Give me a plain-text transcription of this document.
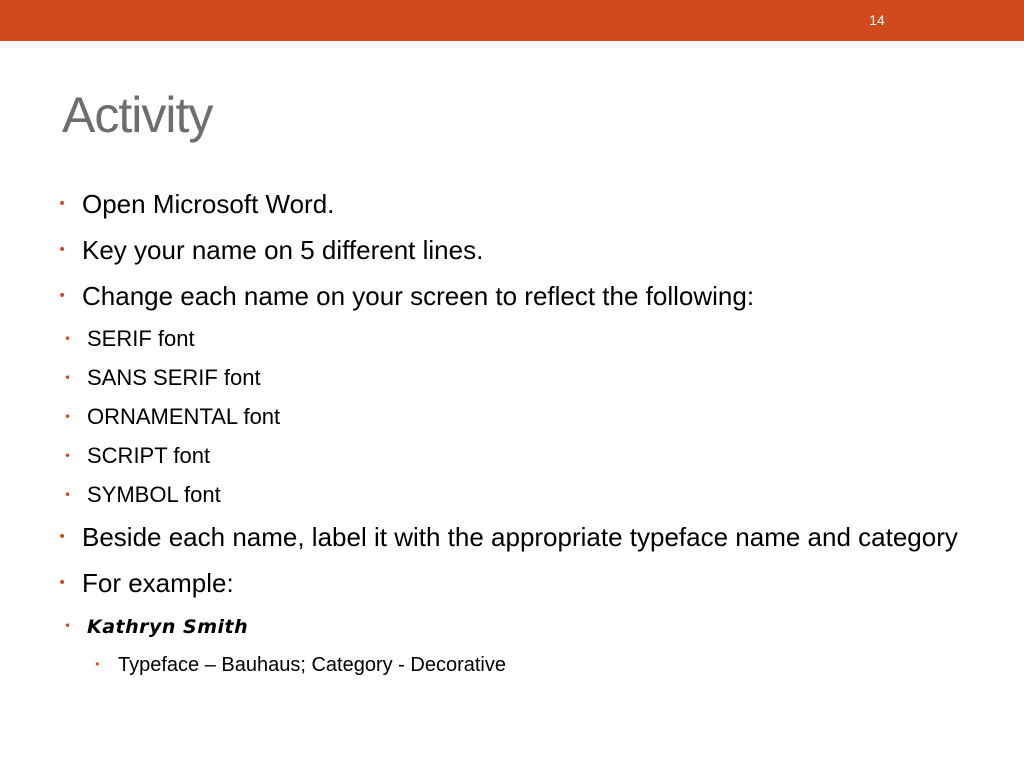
14
Activity
• Open Microsoft Word.
• Key your name on 5 different lines.
• Change each name on your screen to reflect the following:
• SERIF font
• SANS SERIF font
• ORNAMENTAL font
• SCRIPT font
• SYMBOL font
• Beside each name, label it with the appropriate typeface name and category
• For example:
• Kathryn Smith
• Typeface – Bauhaus; Category - Decorative
